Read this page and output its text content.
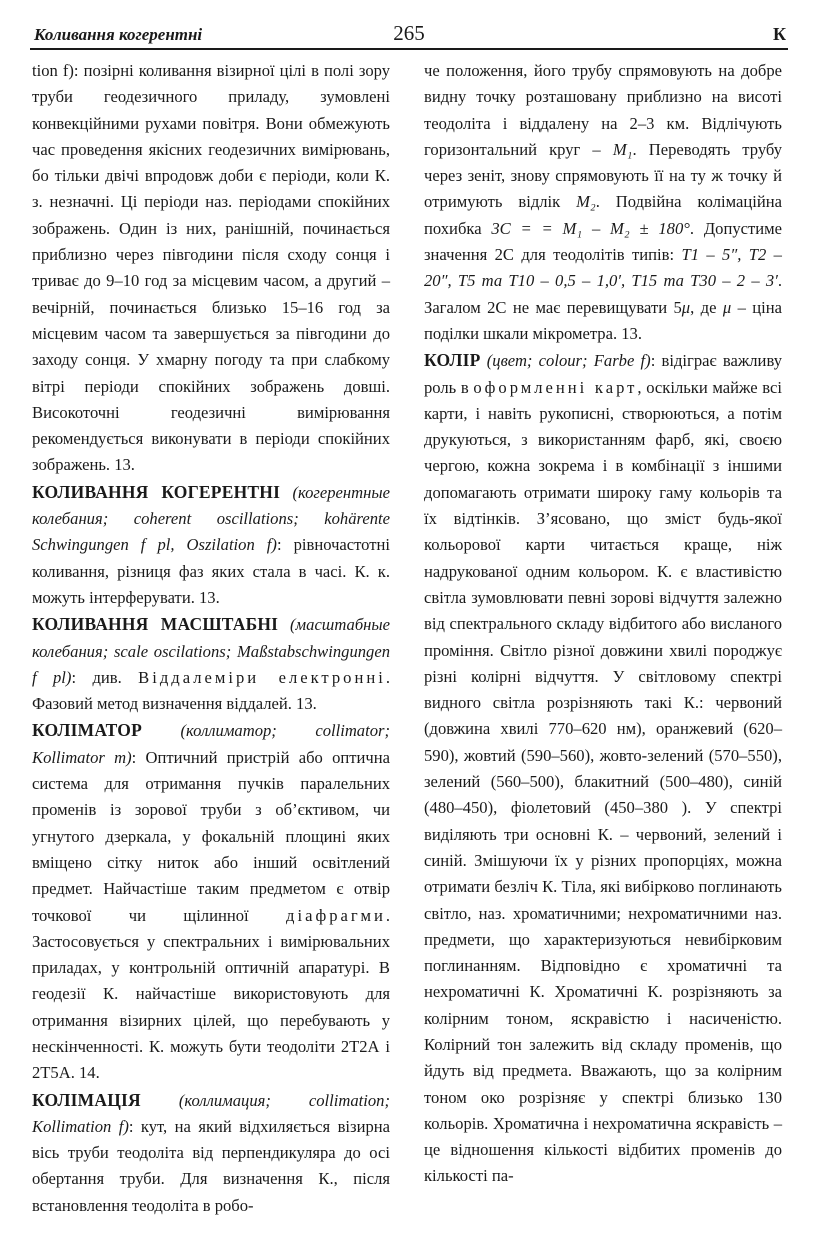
Коливання когерентні	265	К

tion f): позірні коливання візирної цілі в полі зору труби геодезичного приладу, зумовлені конвекційними рухами повітря. Вони обмежують час проведення якісних геодезичних вимірювань, бо тільки двічі впродовж доби є періоди, коли К. з. незначні. Ці періоди наз. періодами спокійних зображень. Один із них, ранішній, починається приблизно через півгодини після сходу сонця і триває до 9–10 год за місцевим часом, а другий – вечірній, починається близько 15–16 год за місцевим часом та завершується за півгодини до заходу сонця. У хмарну погоду та при слабкому вітрі періоди спокійних зображень довші. Високоточні геодезичні вимірювання рекомендується виконувати в періоди спокійних зображень. 13.

КОЛИВАННЯ КОГЕРЕНТНІ (когерентные колебания; coherent oscillations; kohärente Schwingungen f pl, Oszilation f): рівночастотні коливання, різниця фаз яких стала в часі. К. к. можуть інтерферувати. 13.

КОЛИВАННЯ МАСШТАБНІ (масштабные колебания; scale oscilations; Maßstabschwingungen f pl): див. Віддалеміри електронні. Фазовий метод визначення віддалей. 13.

КОЛІМАТОР (коллиматор; collimator; Kollimator m): Оптичний пристрій або оптична система для отримання пучків паралельних променів із зорової труби з об’єктивом, чи угнутого дзеркала, у фокальній площині яких вміщено сітку ниток або інший освітлений предмет. Найчастіше таким предметом є отвір точкової чи щілинної діафрагми. Застосовується у спектральних і вимірювальних приладах, у контрольній оптичній апаратурі. В геодезії К. найчастіше використовують для отримання візирних цілей, що перебувають у нескінченності. К. можуть бути теодоліти 2Т2А і 2Т5А. 14.

КОЛІМАЦІЯ (коллимация; collimation; Kollimation f): кут, на який відхиляється візирна вісь труби теодоліта від перпендикуляра до осі обертання труби. Для визначення К., після встановлення теодоліта в робо-

че положення, його трубу спрямовують на добре видну точку розташовану приблизно на висоті теодоліта і віддалену на 2–3 км. Відлічують горизонтальний круг – M₁. Переводять трубу через зеніт, знову спрямовують її на ту ж точку й отримують відлік M₂. Подвійна колімаційна похибка 3C = = M₁ – M₂ ± 180°. Допустиме значення 2C для теодолітів типів: T1 – 5″, T2 – 20″, T5 та T10 – 0,5 – 1,0′, T15 та T30 – 2 – 3′. Загалом 2C не має перевищувати 5μ, де μ – ціна поділки шкали мікрометра. 13.

КОЛІР (цвет; colour; Farbe f): відіграє важливу роль в оформленні карт, оскільки майже всі карти, і навіть рукописні, створюються, а потім друкуються, з використанням фарб, які, своєю чергою, кожна зокрема і в комбінації з іншими допомагають отримати широку гаму кольорів та їх відтінків. З’ясовано, що зміст будь-якої кольорової карти читається краще, ніж надрукованої одним кольором. К. є властивістю світла зумовлювати певні зорові відчуття залежно від спектрального складу відбитого або висланого проміння. Світло різної довжини хвилі породжує різні колірні відчуття. У світловому спектрі видного світла розрізняють такі К.: червоний (довжина хвилі 770–620 нм), оранжевий (620–590), жовтий (590–560), жовто-зелений (570–550), зелений (560–500), блакитний (500–480), синій (480–450), фіолетовий (450–380 ). У спектрі виділяють три основні К. – червоний, зелений і синій. Змішуючи їх у різних пропорціях, можна отримати безліч К. Тіла, які вибірково поглинають світло, наз. хроматичними; нехроматичними наз. предмети, що характеризуються невибірковим поглинанням. Відповідно є хроматичні та нехроматичні К. Хроматичні К. розрізняють за колірним тоном, яскравістю і насиченістю. Колірний тон залежить від складу променів, що йдуть від предмета. Вважають, що за колірним тоном око розрізняє у спектрі близько 130 кольорів. Хроматична і нехроматична яскравість – це відношення кількості відбитих променів до кількості па-
